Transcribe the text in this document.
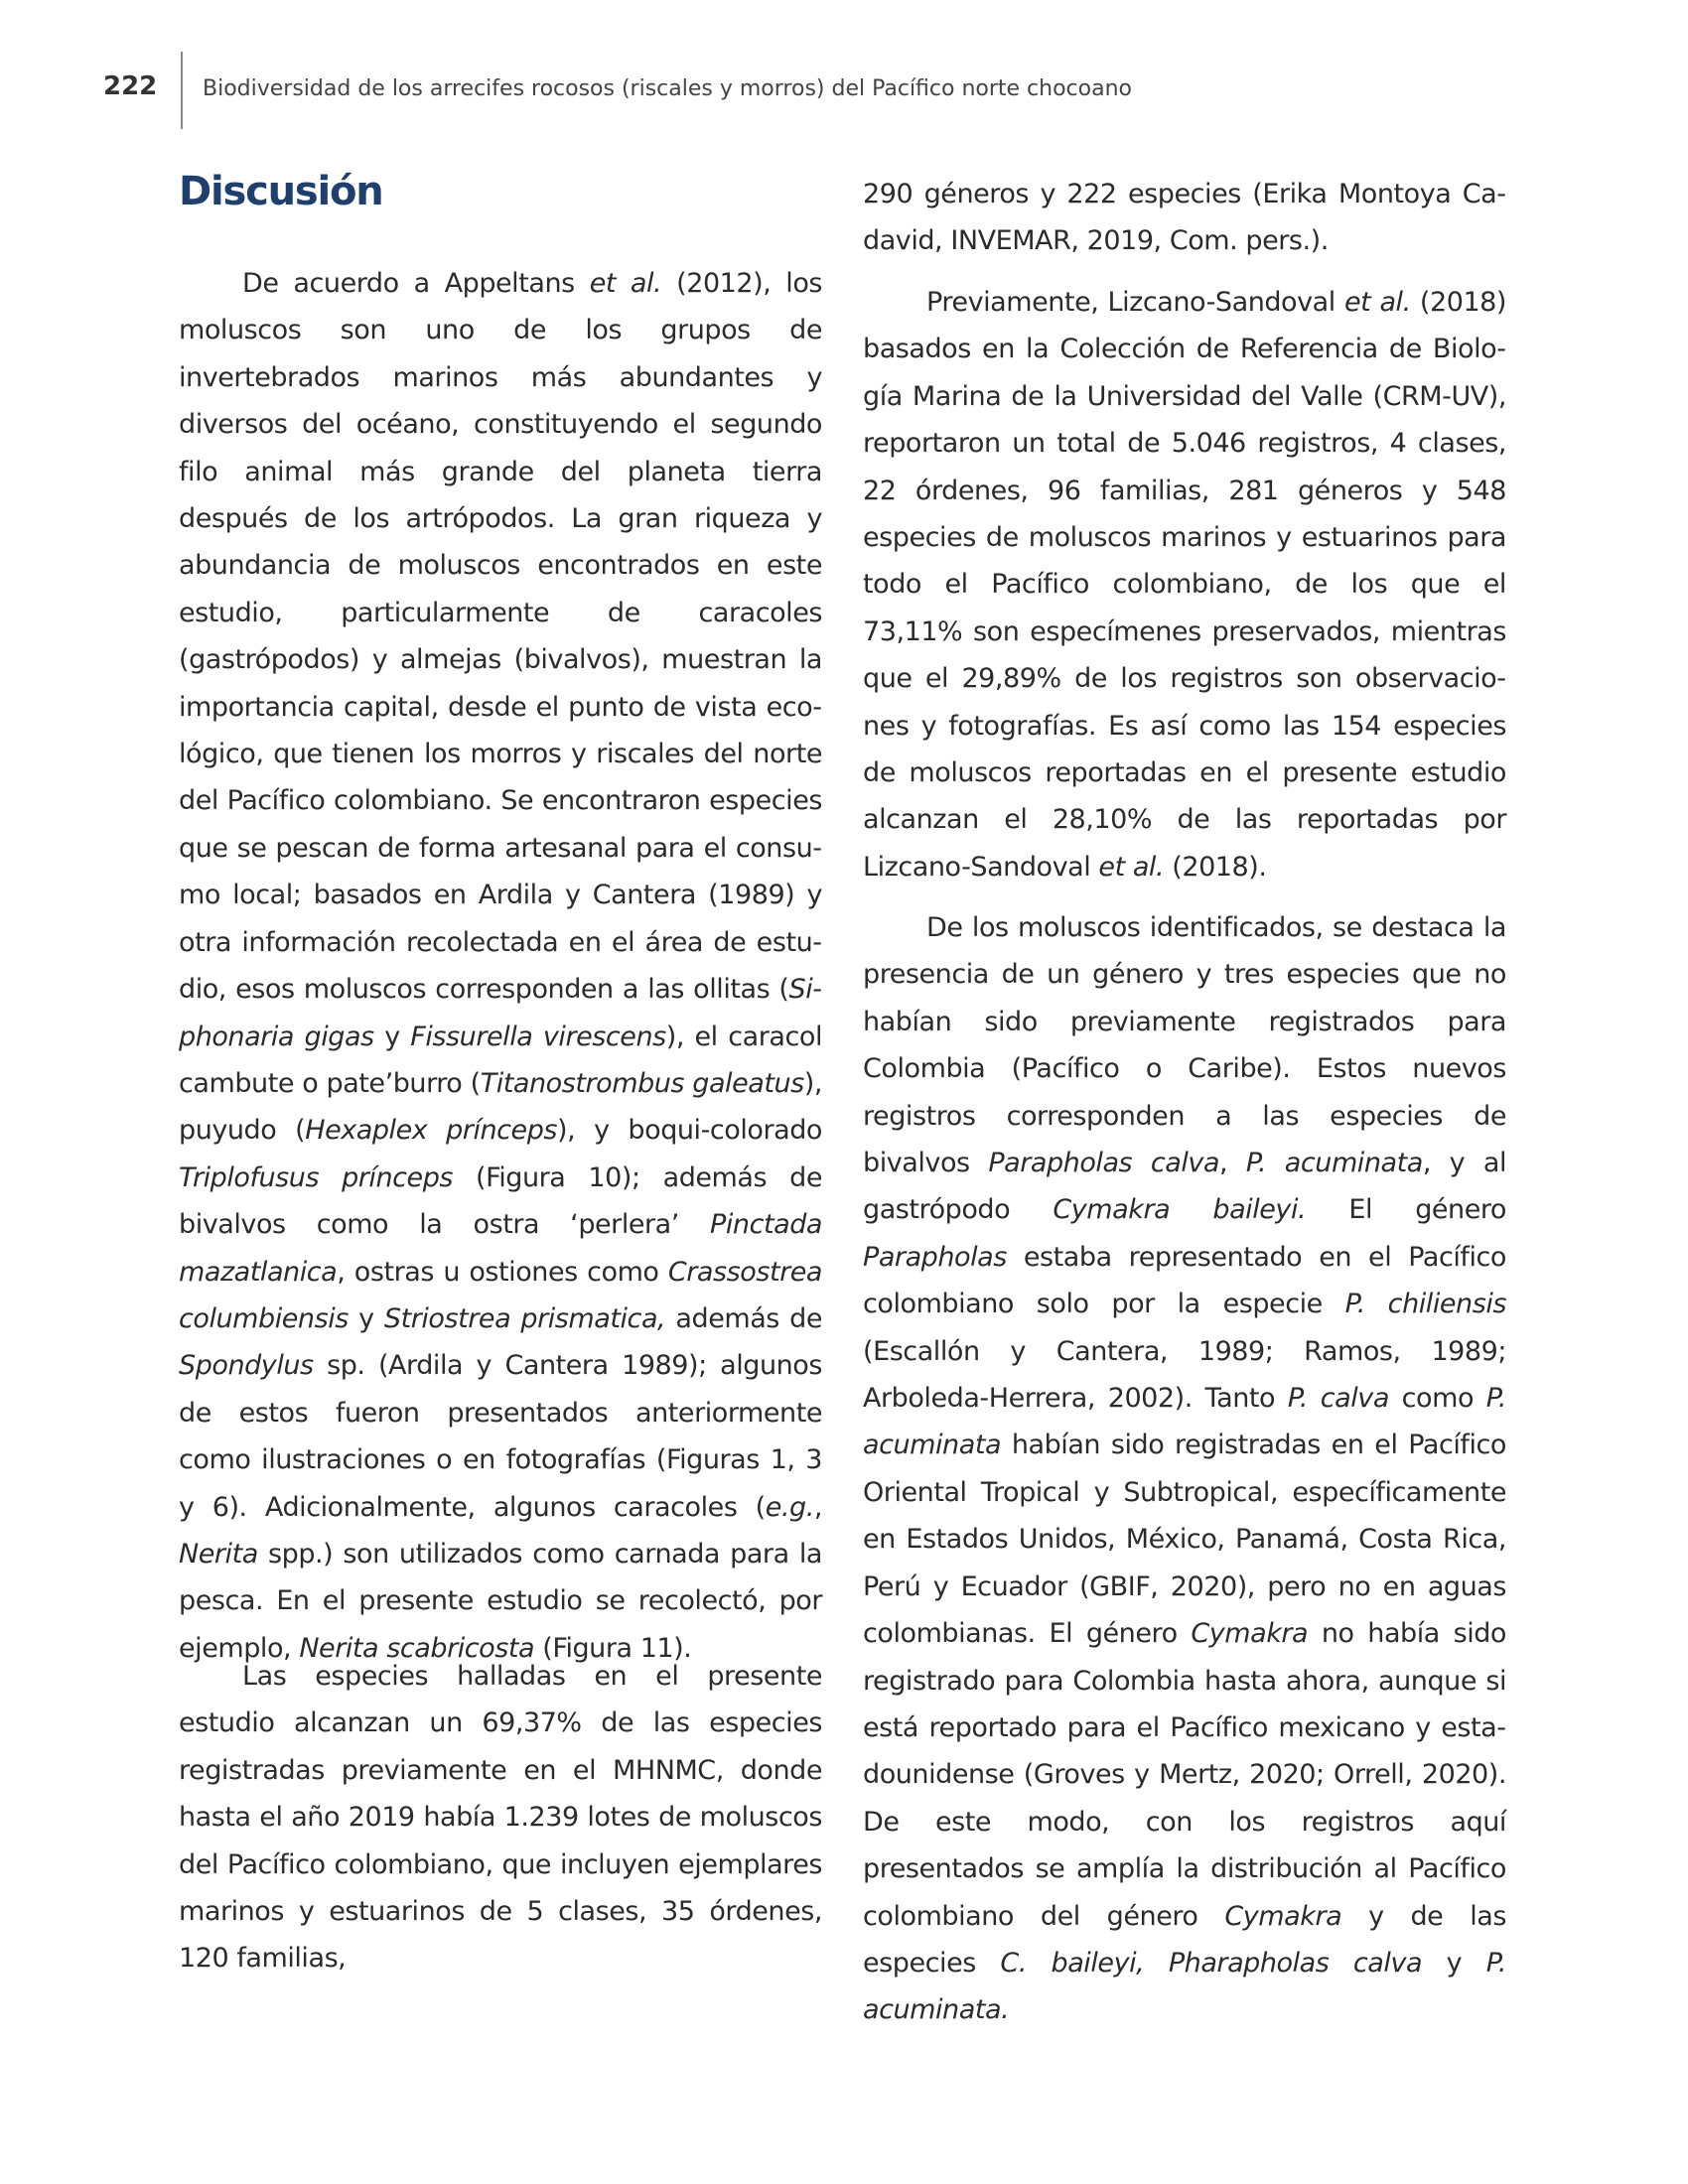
222 Biodiversidad de los arrecifes rocosos (riscales y morros) del Pacífico norte chocoano
Discusión

De acuerdo a Appeltans et al. (2012), los moluscos son uno de los grupos de invertebrados marinos más abundantes y diversos del océano, constituyendo el segundo filo animal más grande del planeta tierra después de los artrópodos. La gran riqueza y abundancia de moluscos encontrados en este estudio, particularmente de caracoles (gastrópodos) y almejas (bivalvos), muestran la importancia capital, desde el punto de vista ecológico, que tienen los morros y riscales del norte del Pacífico colombiano. Se encontraron especies que se pescan de forma artesanal para el consumo local; basados en Ardila y Cantera (1989) y otra información recolectada en el área de estudio, esos moluscos corresponden a las ollitas (Siphonaria gigas y Fissurella virescens), el caracol cambute o pate’burro (Titanostrombus galeatus), puyudo (Hexaplex prínceps), y boqui-colorado Triplofusus prínceps (Figura 10); además de bivalvos como la ostra ‘perlera’ Pinctada mazatlanica, ostras u ostiones como Crassostrea columbiensis y Striostrea prismatica, además de Spondylus sp. (Ardila y Cantera 1989); algunos de estos fueron presentados anteriormente como ilustraciones o en fotografías (Figuras 1, 3 y 6). Adicionalmente, algunos caracoles (e.g., Nerita spp.) son utilizados como carnada para la pesca. En el presente estudio se recolectó, por ejemplo, Nerita scabricosta (Figura 11).

Las especies halladas en el presente estudio alcanzan un 69,37% de las especies registradas previamente en el MHNMC, donde hasta el año 2019 había 1.239 lotes de moluscos del Pacífico colombiano, que incluyen ejemplares marinos y estuarinos de 5 clases, 35 órdenes, 120 familias,

290 géneros y 222 especies (Erika Montoya Cadavid, INVEMAR, 2019, Com. pers.).

Previamente, Lizcano-Sandoval et al. (2018) basados en la Colección de Referencia de Biología Marina de la Universidad del Valle (CRM-UV), reportaron un total de 5.046 registros, 4 clases, 22 órdenes, 96 familias, 281 géneros y 548 especies de moluscos marinos y estuarinos para todo el Pacífico colombiano, de los que el 73,11% son especímenes preservados, mientras que el 29,89% de los registros son observaciones y fotografías. Es así como las 154 especies de moluscos reportadas en el presente estudio alcanzan el 28,10% de las reportadas por Lizcano-Sandoval et al. (2018).

De los moluscos identificados, se destaca la presencia de un género y tres especies que no habían sido previamente registrados para Colombia (Pacífico o Caribe). Estos nuevos registros corresponden a las especies de bivalvos Parapholas calva, P. acuminata, y al gastrópodo Cymakra baileyi. El género Parapholas estaba representado en el Pacífico colombiano solo por la especie P. chiliensis (Escallón y Cantera, 1989; Ramos, 1989; Arboleda-Herrera, 2002). Tanto P. calva como P. acuminata habían sido registradas en el Pacífico Oriental Tropical y Subtropical, específicamente en Estados Unidos, México, Panamá, Costa Rica, Perú y Ecuador (GBIF, 2020), pero no en aguas colombianas. El género Cymakra no había sido registrado para Colombia hasta ahora, aunque si está reportado para el Pacífico mexicano y estadounidense (Groves y Mertz, 2020; Orrell, 2020). De este modo, con los registros aquí presentados se amplía la distribución al Pacífico colombiano del género Cymakra y de las especies C. baileyi, Pharapholas calva y P. acuminata.
